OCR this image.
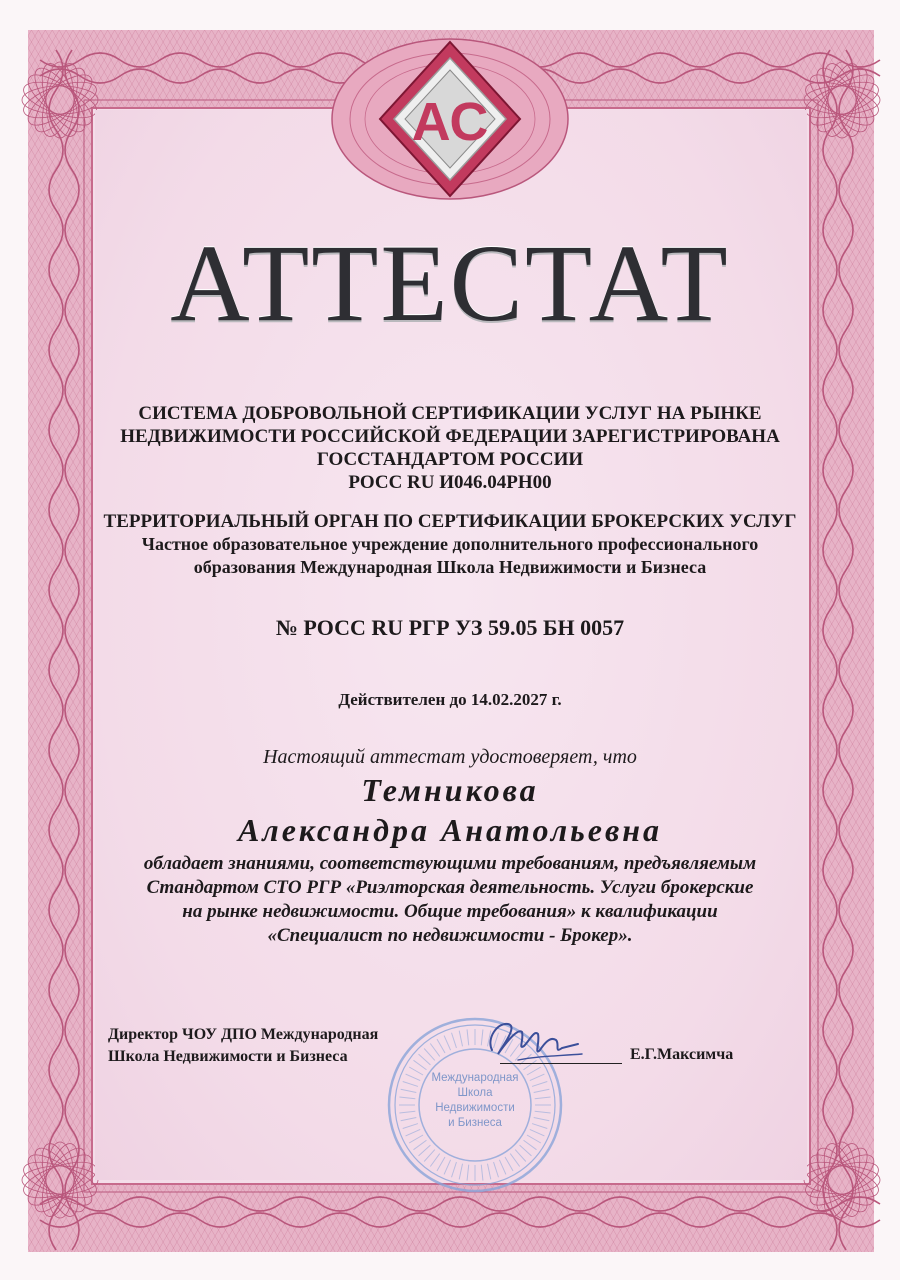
АС
АТТЕСТАТ
СИСТЕМА ДОБРОВОЛЬНОЙ СЕРТИФИКАЦИИ УСЛУГ НА РЫНКЕ
НЕДВИЖИМОСТИ РОССИЙСКОЙ ФЕДЕРАЦИИ ЗАРЕГИСТРИРОВАНА
ГОССТАНДАРТОМ РОССИИ
РОСС RU И046.04РН00
ТЕРРИТОРИАЛЬНЫЙ ОРГАН ПО СЕРТИФИКАЦИИ БРОКЕРСКИХ УСЛУГ
Частное образовательное учреждение дополнительного профессионального
образования Международная Школа Недвижимости и Бизнеса
№ РОСС RU РГР УЗ 59.05 БН 0057
Действителен до 14.02.2027 г.
Настоящий аттестат удостоверяет, что
Темникова
Александра Анатольевна
обладает знаниями, соответствующими требованиям, предъявляемым
Стандартом СТО РГР «Риэлторская деятельность. Услуги брокерские
на рынке недвижимости. Общие требования» к квалификации
«Специалист по недвижимости - Брокер».
Директор ЧОУ ДПО Международная
Школа Недвижимости и Бизнеса
Международная
Школа
Недвижимости
и Бизнеса
Е.Г.Максимча
